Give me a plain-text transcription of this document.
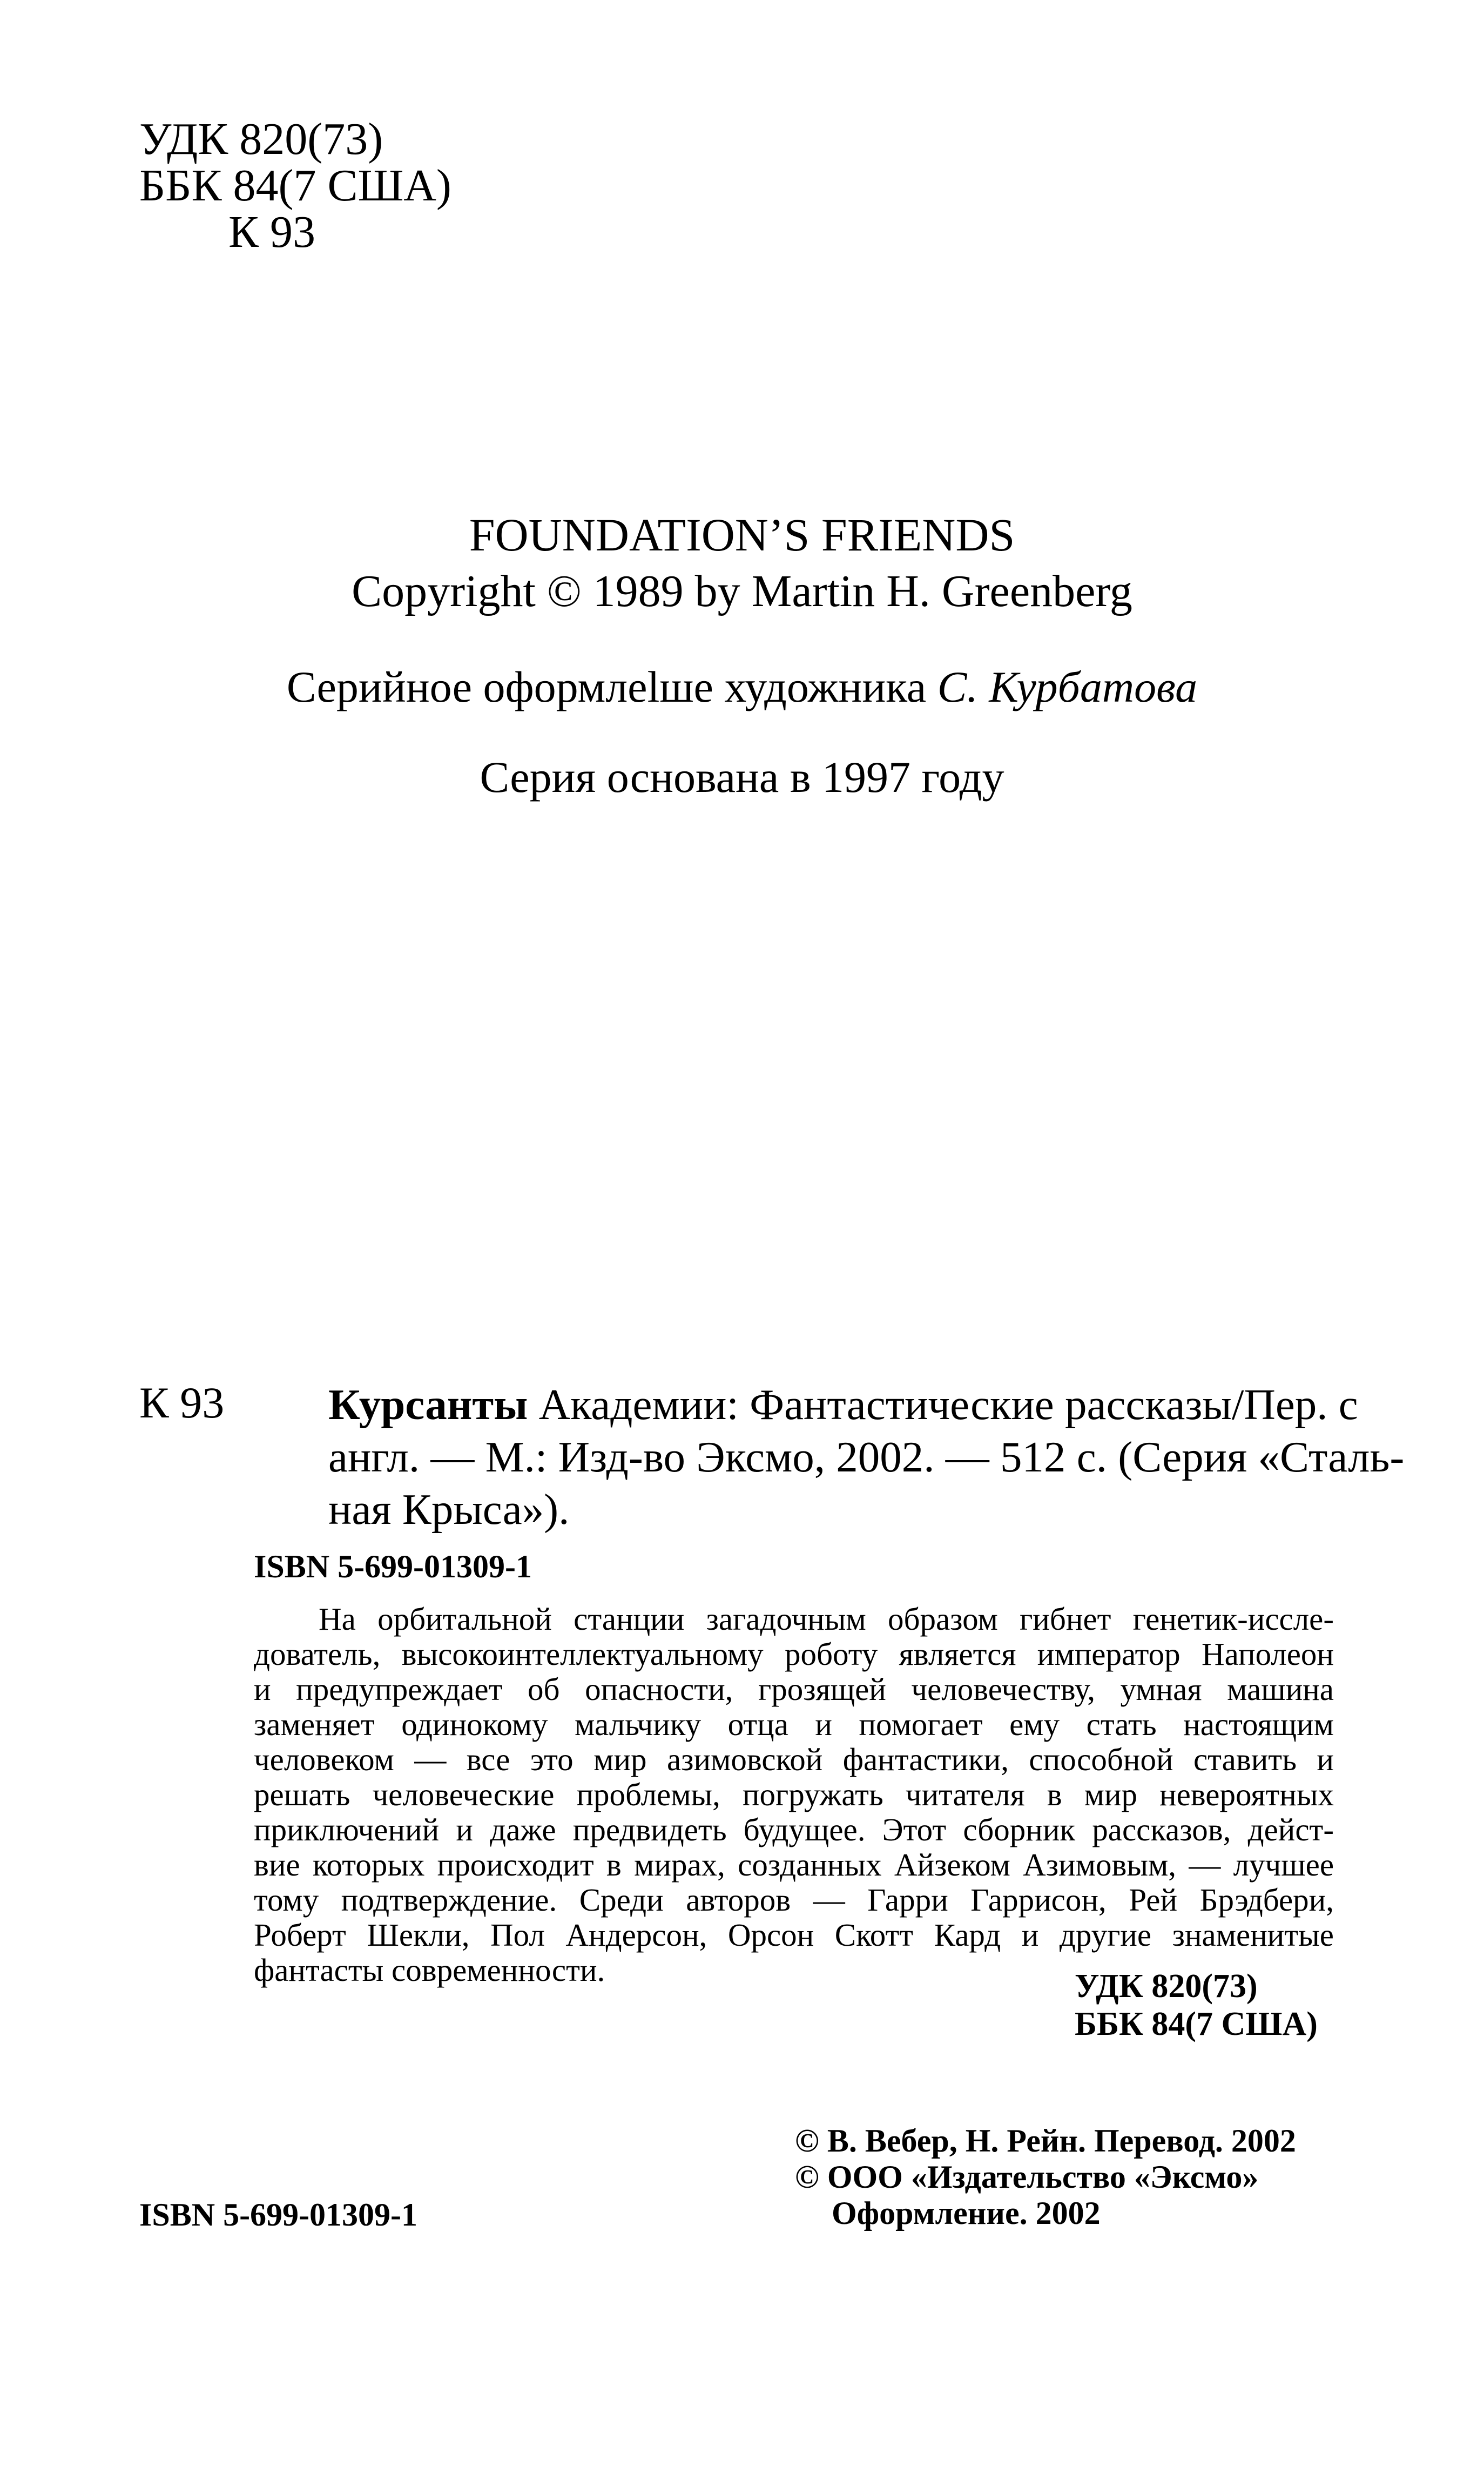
УДК 820(73)
ББК 84(7 США)
К 93
FOUNDATION’S FRIENDS
Copyright © 1989 by Martin H. Greenberg
Серийное оформлеlше художника С. Курбатова
Серия основана в 1997 году
К 93 Курсанты Академии: Фантастические рассказы/Пер. с
англ. — М.: Изд-во Эксмо, 2002. — 512 с. (Серия «Сталь-
ная Крыса»).
ISBN 5-699-01309-1
На орбитальной станции загадочным образом гибнет генетик-иссле-
дователь, высокоинтеллектуальному роботу является император Наполеон
и предупреждает об опасности, грозящей человечеству, умная машина
заменяет одинокому мальчику отца и помогает ему стать настоящим
человеком — все это мир азимовской фантастики, способной ставить и
решать человеческие проблемы, погружать читателя в мир невероятных
приключений и даже предвидеть будущее. Этот сборник рассказов, дейст-
вие которых происходит в мирах, созданных Айзеком Азимовым, — лучшее
тому подтверждение. Среди авторов — Гарри Гаррисон, Рей Брэдбери,
Роберт Шекли, Пол Андерсон, Орсон Скотт Кард и другие знаменитые
фантасты современности.	УДК 820(73)
ББК 84(7 США)
© В. Вебер, Н. Рейн. Перевод. 2002
© ООО «Издательство «Эксмо»
Оформление. 2002
ISBN 5-699-01309-1
